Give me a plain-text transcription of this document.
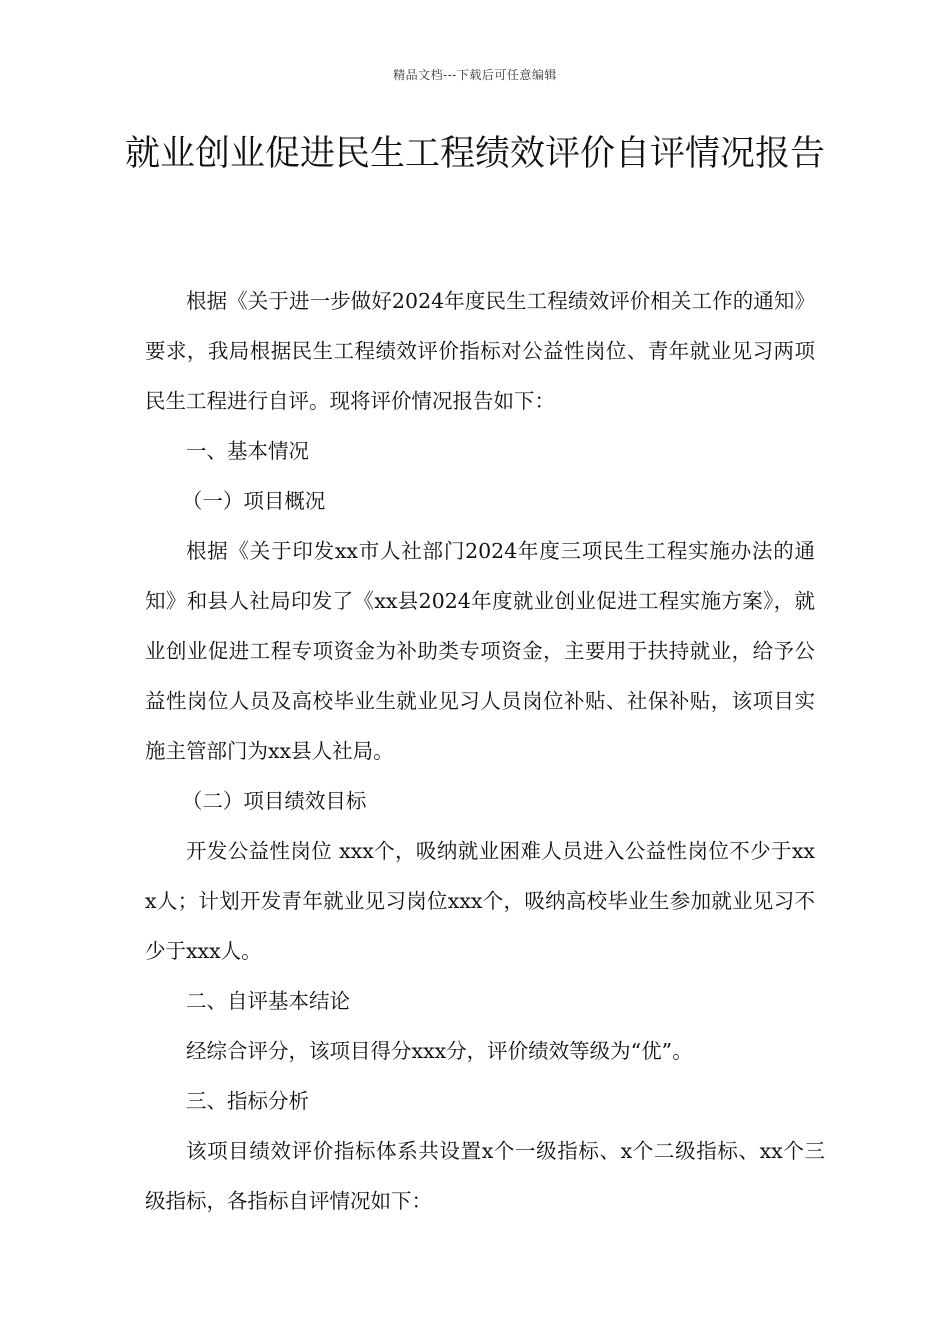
精品文档---下载后可任意编辑
就业创业促进民生工程绩效评价自评情况报告

根据《关于进一步做好2024年度民生工程绩效评价相关工作的通知》要求，我局根据民生工程绩效评价指标对公益性岗位、青年就业见习两项民生工程进行自评。现将评价情况报告如下：

一、基本情况

（一）项目概况

根据《关于印发xx市人社部门2024年度三项民生工程实施办法的通知》和县人社局印发了《xx县2024年度就业创业促进工程实施方案》，就业创业促进工程专项资金为补助类专项资金，主要用于扶持就业，给予公益性岗位人员及高校毕业生就业见习人员岗位补贴、社保补贴，该项目实施主管部门为xx县人社局。

（二）项目绩效目标

开发公益性岗位 xxx个，吸纳就业困难人员进入公益性岗位不少于xxx人；计划开发青年就业见习岗位xxx个，吸纳高校毕业生参加就业见习不少于xxx人。

二、自评基本结论

经综合评分，该项目得分xxx分，评价绩效等级为“优”。

三、指标分析

该项目绩效评价指标体系共设置x个一级指标、x个二级指标、xx个三级指标，各指标自评情况如下：
